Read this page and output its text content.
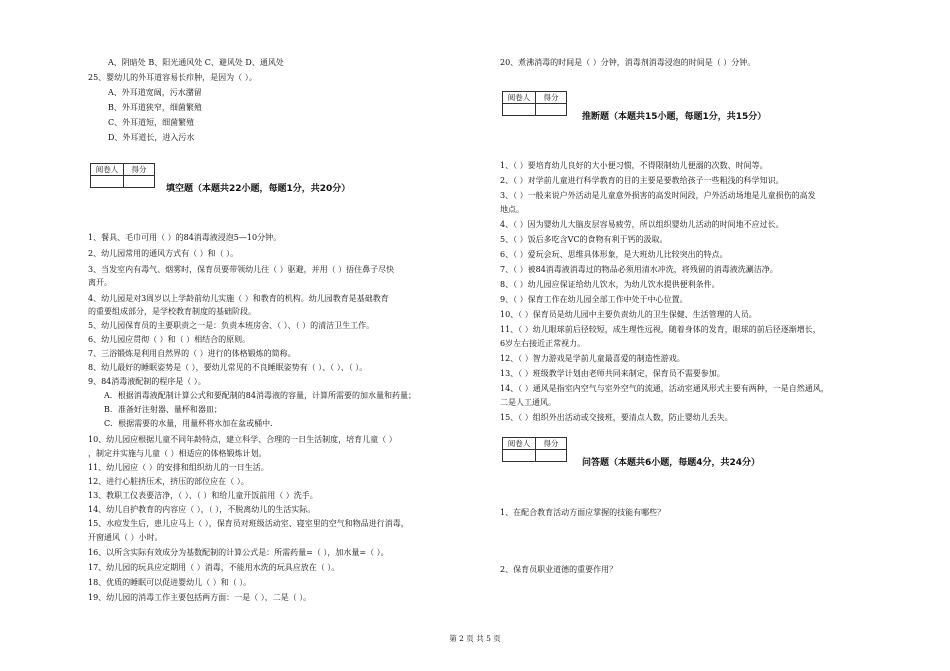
A、阴暗处 B、阳光通风处 C、避风处 D、通风处
25、婴幼儿的外耳道容易长疖肿，是因为（ ）。
A、外耳道宽阔，污水潴留
B、外耳道狭窄，细菌繁殖
C、外耳道短，细菌繁殖
D、外耳道长，进入污水
阅卷人	得分

填空题（本题共22小题，每题1分，共20分）
1、餐具、毛巾可用（ ）的84消毒液浸泡5—10分钟。
2、幼儿园常用的通风方式有（ ）和（ ）。
3、当发室内有毒气、烟雾时，保育员要带领幼儿往（ ）驱避，并用（ ）捂住鼻子尽快
离开。
4、幼儿园是对3周岁以上学龄前幼儿实施（ ）和教育的机构。幼儿园教育是基础教育
的重要组成部分，是学校教育制度的基础阶段。
5、幼儿园保育员的主要职责之一是：负责本班房舍、（ ）、（ ）的清洁卫生工作。
6、幼儿园应贯彻（ ）和（ ）相结合的原则。
7、三浴锻炼是利用自然界的（ ）进行的体格锻炼的简称。
8、幼儿最好的睡眠姿势是（ ），要幼儿常见的不良睡眠姿势有（ ）、（ ）、（ ）。
9、84消毒液配制的程序是（ ）。
A．根据消毒液配制计算公式和要配制的84消毒液的容量，计算所需要的加水量和药量；
B．准备好注射器、量杯和器皿；
C．根据需要的水量，用量杯将水加在盆或桶中.
10、幼儿园应根据儿童不同年龄特点，建立科学、合理的一日生活制度，培育儿童（ ）
，制定并实施与儿童（ ）相适应的体格锻炼计划。
11、幼儿园应（ ）的安排和组织幼儿的一日生活。
12、进行心脏挤压术，挤压的部位应在（ ）。
13、教职工仪表要洁净，（ ）、（ ）和给儿童开饭前用（ ）洗手。
14、幼儿自护教育的内容应（ ），（ ），不脱离幼儿的生活实际。
15、水痘发生后，患儿应马上（ ），保育员对班级活动室、寝室里的空气和物品进行消毒，
开窗通风（ ）小时。
16、以所含实际有效成分为基数配制的计算公式是：所需药量=（ ），加水量=（ ）。
17、幼儿园的玩具应定期用（ ）消毒，不能用水洗的玩具应放在（ ）。
18、优质的睡眠可以促进婴幼儿（ ）和（ ）。
19、幼儿园的消毒工作主要包括两方面：一是（ ），二是（ ）。
20、煮沸消毒的时间是（ ）分钟，消毒剂消毒浸泡的时间是（ ）分钟。
阅卷人	得分

推断题（本题共15小题，每题1分，共15分）
1、（ ）要培育幼儿良好的大小便习惯，不得限制幼儿便溺的次数、时间等。
2、（ ）对学前儿童进行科学教育的目的主要是要教给孩子一些粗浅的科学知识。
3、（ ）一般来说户外活动是儿童意外损害的高发时间段，户外活动场地是儿童损伤的高发
地点。
4、（ ）因为婴幼儿大脑皮层容易疲劳，所以组织婴幼儿活动的时间地不应过长。
5、（ ）饭后多吃含VC的食物有利于钙的汲取。
6、（ ）爱玩会玩、思维具体形象，是大班幼儿比较突出的特点。
7、（ ）被84消毒液消毒过的物品必须用清水冲洗，将残留的消毒液洗涮洁净。
8、（ ）幼儿园应保证给幼儿饮水，为幼儿饮水提供便利条件。
9、（ ）保育工作在幼儿园全部工作中处于中心位置。
10、（ ）保育员是幼儿园中主要负责幼儿的卫生保健、生活管理的人员。
11、（ ）幼儿眼球前后径较短，成生理性远视，随着身体的发育，眼球的前后径逐渐增长，
6岁左右接近正常视力。
12、（ ）智力游戏是学前儿童最喜爱的制造性游戏。
13、（ ）班级教学计划由老师共同来制定，保育员不需要参加。
14、（ ）通风是指室内空气与室外空气的流通，活动室通风形式主要有两种，一是自然通风，
二是人工通风。
15、（ ）组织外出活动或交接班，要清点人数，防止婴幼儿丢失。
阅卷人	得分

问答题（本题共6小题，每题4分，共24分）
1、在配合教育活动方面应掌握的技能有哪些？
2、保育员职业道德的重要作用？
第 2 页 共 5 页
